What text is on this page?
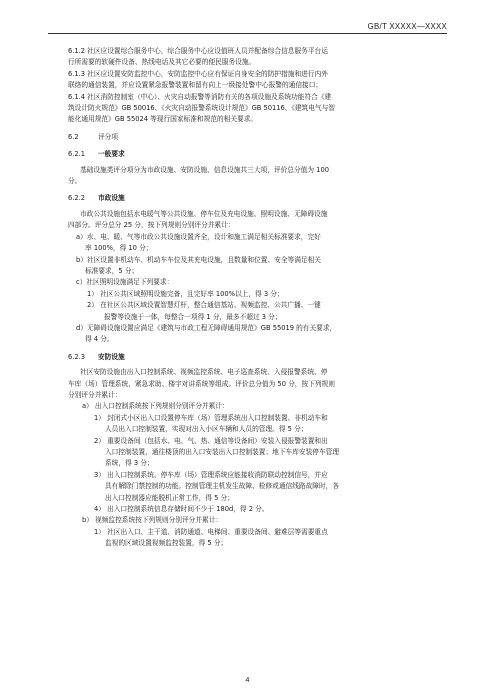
GB/T XXXXX—XXXX

6.1.2 社区应设置综合服务中心，综合服务中心应设值班人员并配备综合信息服务平台运

行所需要的软硬件设备、热线电话及其它必要的便民服务设施。

6.1.3 社区应设置安防监控中心，安防监控中心应有保证自身安全的防护措施和进行内外

联络的通信装置，并应设置紧急报警装置和留有向上一级接处警中心报警的通信接口；

6.1.4 社区消防控制室（中心）、火灾自动报警等消防有关的各项设施及系统功能符合《建

筑设计防火规范》GB 50016、《火灾自动报警系统设计规范》GB 50116、《建筑电气与智

能化通用规范》GB 55024 等现行国家标准和规范的相关要求。

6.2	评分项

6.2.1 一般要求

基础设施类评分项分为市政设施、安防设施、信息设施共三大项，评价总分值为 100

分。

6.2.2 市政设施

市政公共设施包括水电暖气等公共设施、停车位及充电设施、照明设施、无障碍设施

四部分。评分总分 25 分，按下列规则分别评分并累计：

a）水、电、暖、气等市政公共设施设置齐全，设计和施工满足相关标准要求，完好

率 100%，得 10 分；

b）社区设置非机动车、机动车车位及其充电设施，且数量和位置、安全等满足相关

标准要求，5 分；

c）社区照明设施满足下列要求：

1） 社区公共区域照明设施完备，且完好率 100%以上，得 3 分；

2） 在社区公共区域设置智慧灯杆，整合通信基站、视频监控、公共广播、一键

报警等设施于一体，每整合一项得 1 分，最多不超过 3 分；

d）无障碍设施设置应满足《建筑与市政工程无障碍通用规范》GB 55019 的有关要求，

得 4 分。

6.2.3 安防设施

社区安防设施由出入口控制系统、视频监控系统、电子巡查系统、入侵报警系统、停

车库（场）管理系统、紧急求助、楼宇对讲系统等组成。评价总分值为 50 分，按下列规则

分别评分并累计：

a） 出入口控制系统按下列规则分别评分并累计：

1） 封闭式小区出入口设置停车库（场）管理系统出入口控制装置、非机动车和

人员出入口控制装置，实现对出入小区车辆和人员的管理。得 5 分；

2） 重要设备间（包括水、电、气、热、通信等设备间）安装入侵报警装置和出

入口控制装置，通往楼顶的出入口安装出入口控制装置；地下车库安装停车管理

系统，得 3 分；

3） 出入口控制系统、停车库（场）管理系统应能接收消防联动控制信号，并应

具有解除门禁控制的功能。控制管理主机发生故障、检修或通信线路故障时，各

出入口控制器应能脱机正常工作，得 5 分；

4） 出入口控制系统信息存储时间不少于 180d，得 2 分。

b） 视频监控系统按下列规则分别评分并累计：

1） 社区出入口、主干道、消防通道、电梯间、重要设备间、避难层等需要重点

监视的区域设置视频监控装置，得 5 分；

4
